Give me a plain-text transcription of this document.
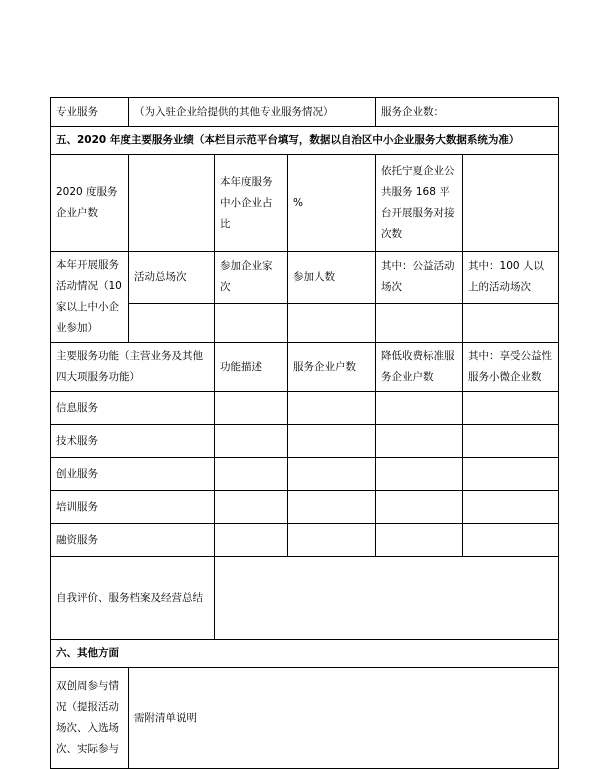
专业服务	（为入驻企业给提供的其他专业服务情况）			服务企业数：	
五、2020 年度主要服务业绩（本栏目示范平台填写，数据以自治区中小企业服务大数据系统为准）					
2020 度服务企业户数		本年度服务中小企业占比	%	依托宁夏企业公共服务 168 平台开展服务对接次数	
本年开展服务活动情况（10 家以上中小企业参加）	活动总场次	参加企业家次	参加人数	其中：公益活动场次	其中：100 人以上的活动场次

主要服务功能（主营业务及其他四大项服务功能）		功能描述	服务企业户数	降低收费标准服务企业户数	其中：享受公益性服务小微企业数
信息服务					
技术服务					
创业服务					
培训服务					
融资服务					
自我评价、服务档案及经营总结					
六、其他方面					
双创周参与情况（提报活动场次、入选场次、实际参与	需附清单说明				
